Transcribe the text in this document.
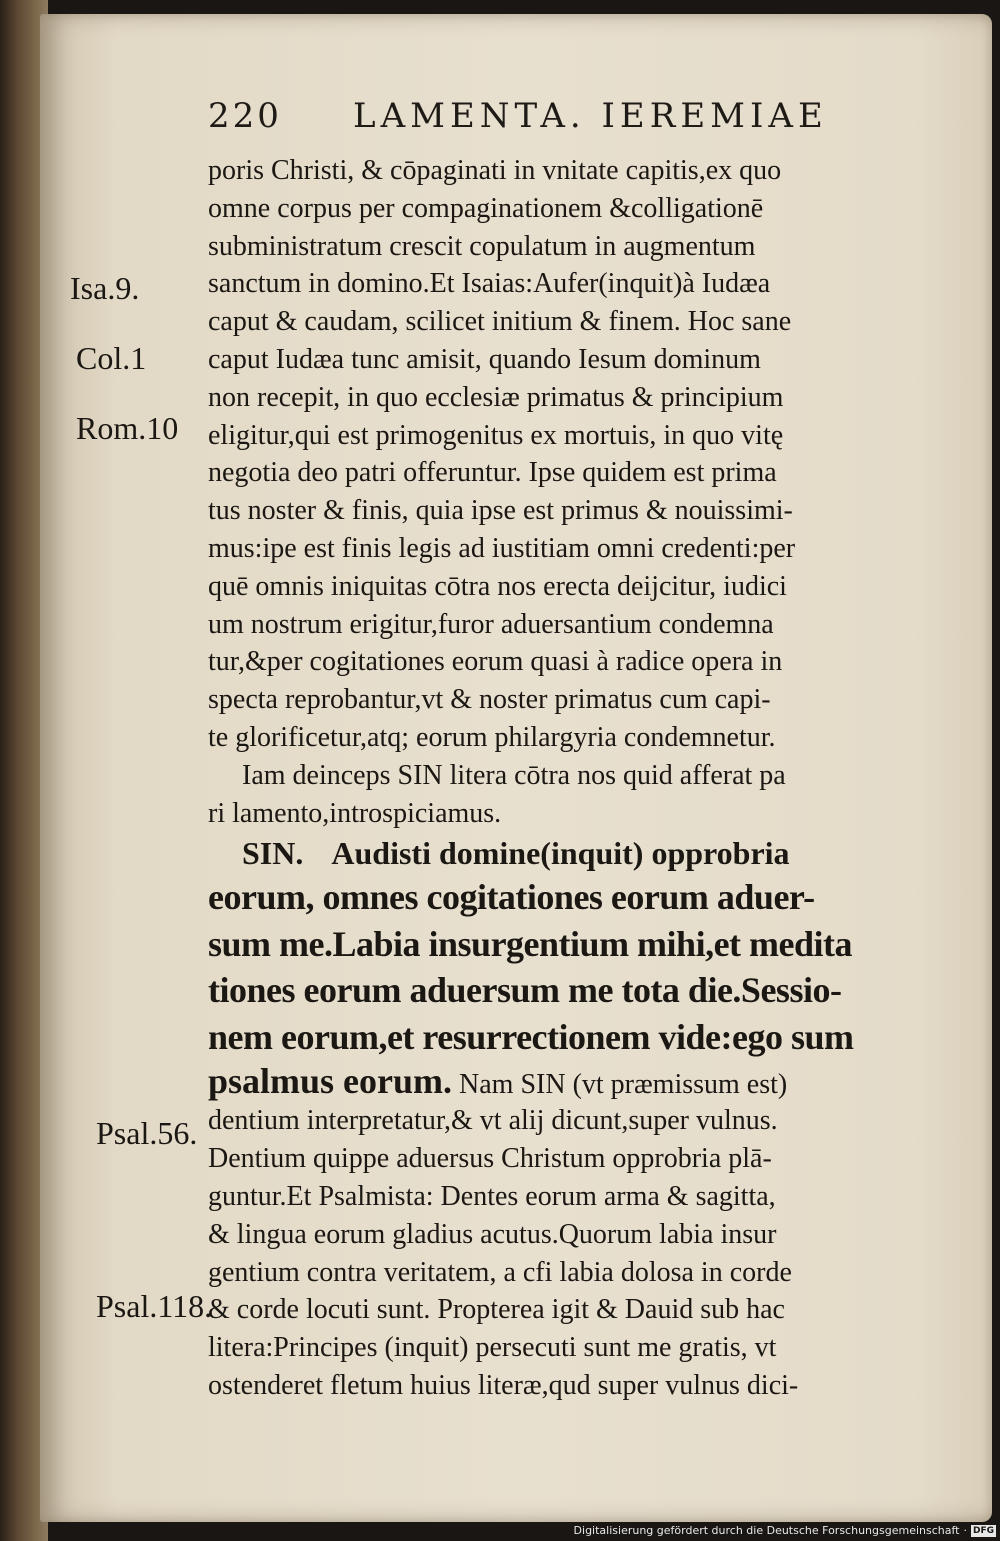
220 LAMENTA. IEREMIAE
Isa.9.
Col.1
Rom.10
Psal.56.
Psal.118.
poris Christi, & cōpaginati in vnitate capitis,ex quo
omne corpus per compaginationem &colligationē
subministratum crescit copulatum in augmentum
sanctum in domino.Et Isaias:Aufer(inquit)à Iudæa
caput & caudam, scilicet initium & finem. Hoc sane
caput Iudæa tunc amisit, quando Iesum dominum
non recepit, in quo ecclesiæ primatus & principium
eligitur,qui est primogenitus ex mortuis, in quo vitę
negotia deo patri offeruntur. Ipse quidem est prima
tus noster & finis, quia ipse est primus & nouissimi-
mus:ipe est finis legis ad iustitiam omni credenti:per
quē omnis iniquitas cōtra nos erecta deijcitur, iudici
um nostrum erigitur,furor aduersantium condemna
tur,&per cogitationes eorum quasi à radice opera in
specta reprobantur,vt & noster primatus cum capi-
te glorificetur,atq; eorum philargyria condemnetur.
Iam deinceps SIN litera cōtra nos quid afferat pa
ri lamento,introspiciamus.
SIN. Audisti domine(inquit) opprobria
eorum, omnes cogitationes eorum aduer-
sum me.Labia insurgentium mihi,et medita
tiones eorum aduersum me tota die.Sessio-
nem eorum,et resurrectionem vide:ego sum
psalmus eorum. Nam SIN (vt præmissum est)
dentium interpretatur,& vt alij dicunt,super vulnus.
Dentium quippe aduersus Christum opprobria plā-
guntur.Et Psalmista: Dentes eorum arma & sagitta,
& lingua eorum gladius acutus.Quorum labia insur
gentium contra veritatem, a cfi labia dolosa in corde
& corde locuti sunt. Propterea igit & Dauid sub hac
litera:Principes (inquit) persecuti sunt me gratis, vt
ostenderet fletum huius literæ,qud super vulnus dici-
Digitalisierung gefördert durch die Deutsche Forschungsgemeinschaft · DFG
